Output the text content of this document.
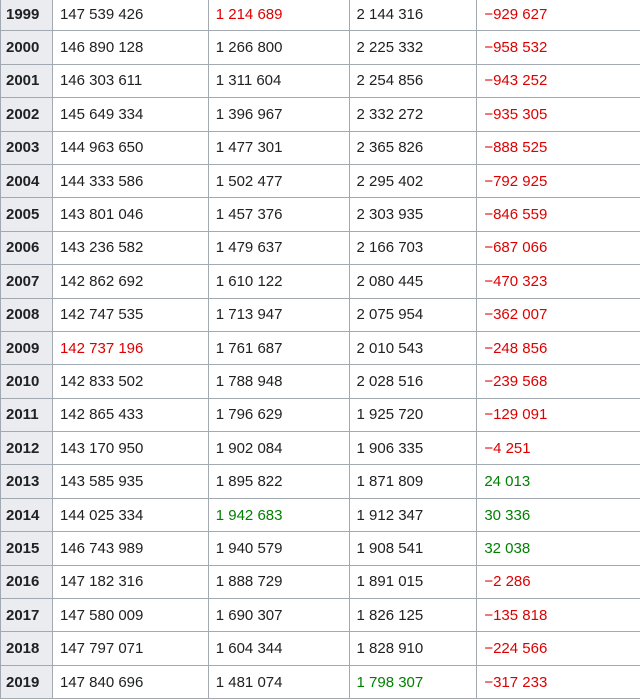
1999	147 539 426	1 214 689	2 144 316	−929 627
2000	146 890 128	1 266 800	2 225 332	−958 532
2001	146 303 611	1 311 604	2 254 856	−943 252
2002	145 649 334	1 396 967	2 332 272	−935 305
2003	144 963 650	1 477 301	2 365 826	−888 525
2004	144 333 586	1 502 477	2 295 402	−792 925
2005	143 801 046	1 457 376	2 303 935	−846 559
2006	143 236 582	1 479 637	2 166 703	−687 066
2007	142 862 692	1 610 122	2 080 445	−470 323
2008	142 747 535	1 713 947	2 075 954	−362 007
2009	142 737 196	1 761 687	2 010 543	−248 856
2010	142 833 502	1 788 948	2 028 516	−239 568
2011	142 865 433	1 796 629	1 925 720	−129 091
2012	143 170 950	1 902 084	1 906 335	−4 251
2013	143 585 935	1 895 822	1 871 809	24 013
2014	144 025 334	1 942 683	1 912 347	30 336
2015	146 743 989	1 940 579	1 908 541	32 038
2016	147 182 316	1 888 729	1 891 015	−2 286
2017	147 580 009	1 690 307	1 826 125	−135 818
2018	147 797 071	1 604 344	1 828 910	−224 566
2019	147 840 696	1 481 074	1 798 307	−317 233
